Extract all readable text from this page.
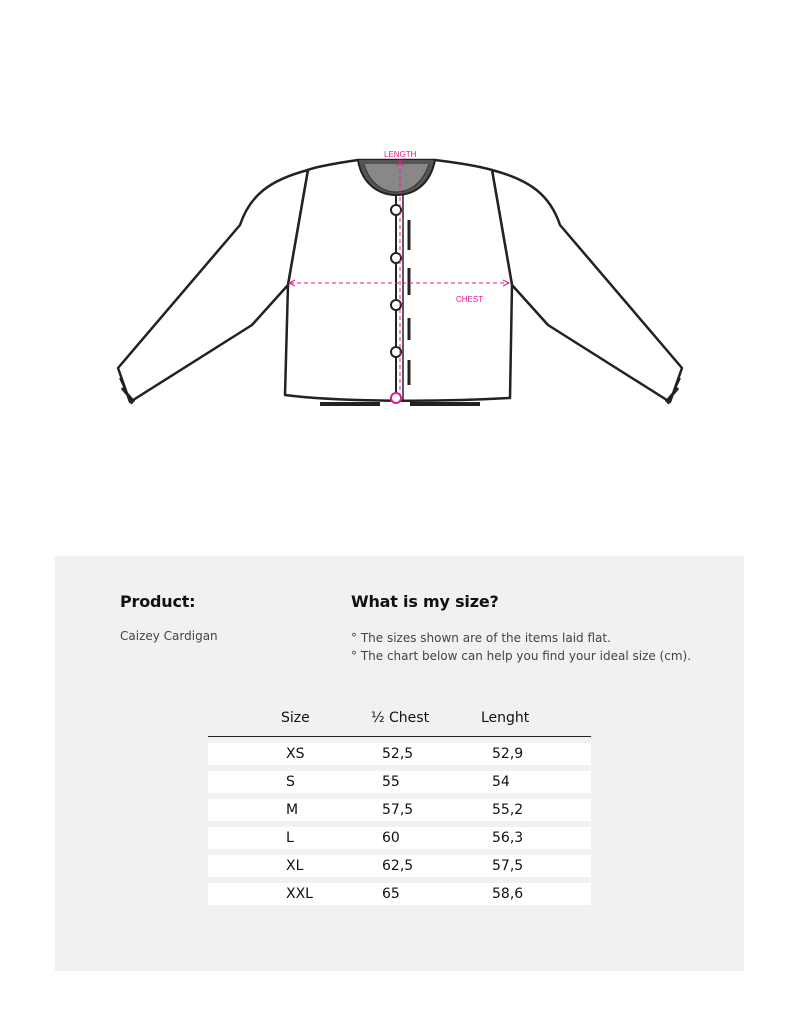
LENGTH
CHEST
Product:
Caizey Cardigan
What is my size?
° The sizes shown are of the items laid flat.
° The chart below can help you find your ideal size (cm).
Size	½ Chest	Lenght
XS	52,5	52,9
S	55	54
M	57,5	55,2
L	60	56,3
XL	62,5	57,5
XXL	65	58,6
